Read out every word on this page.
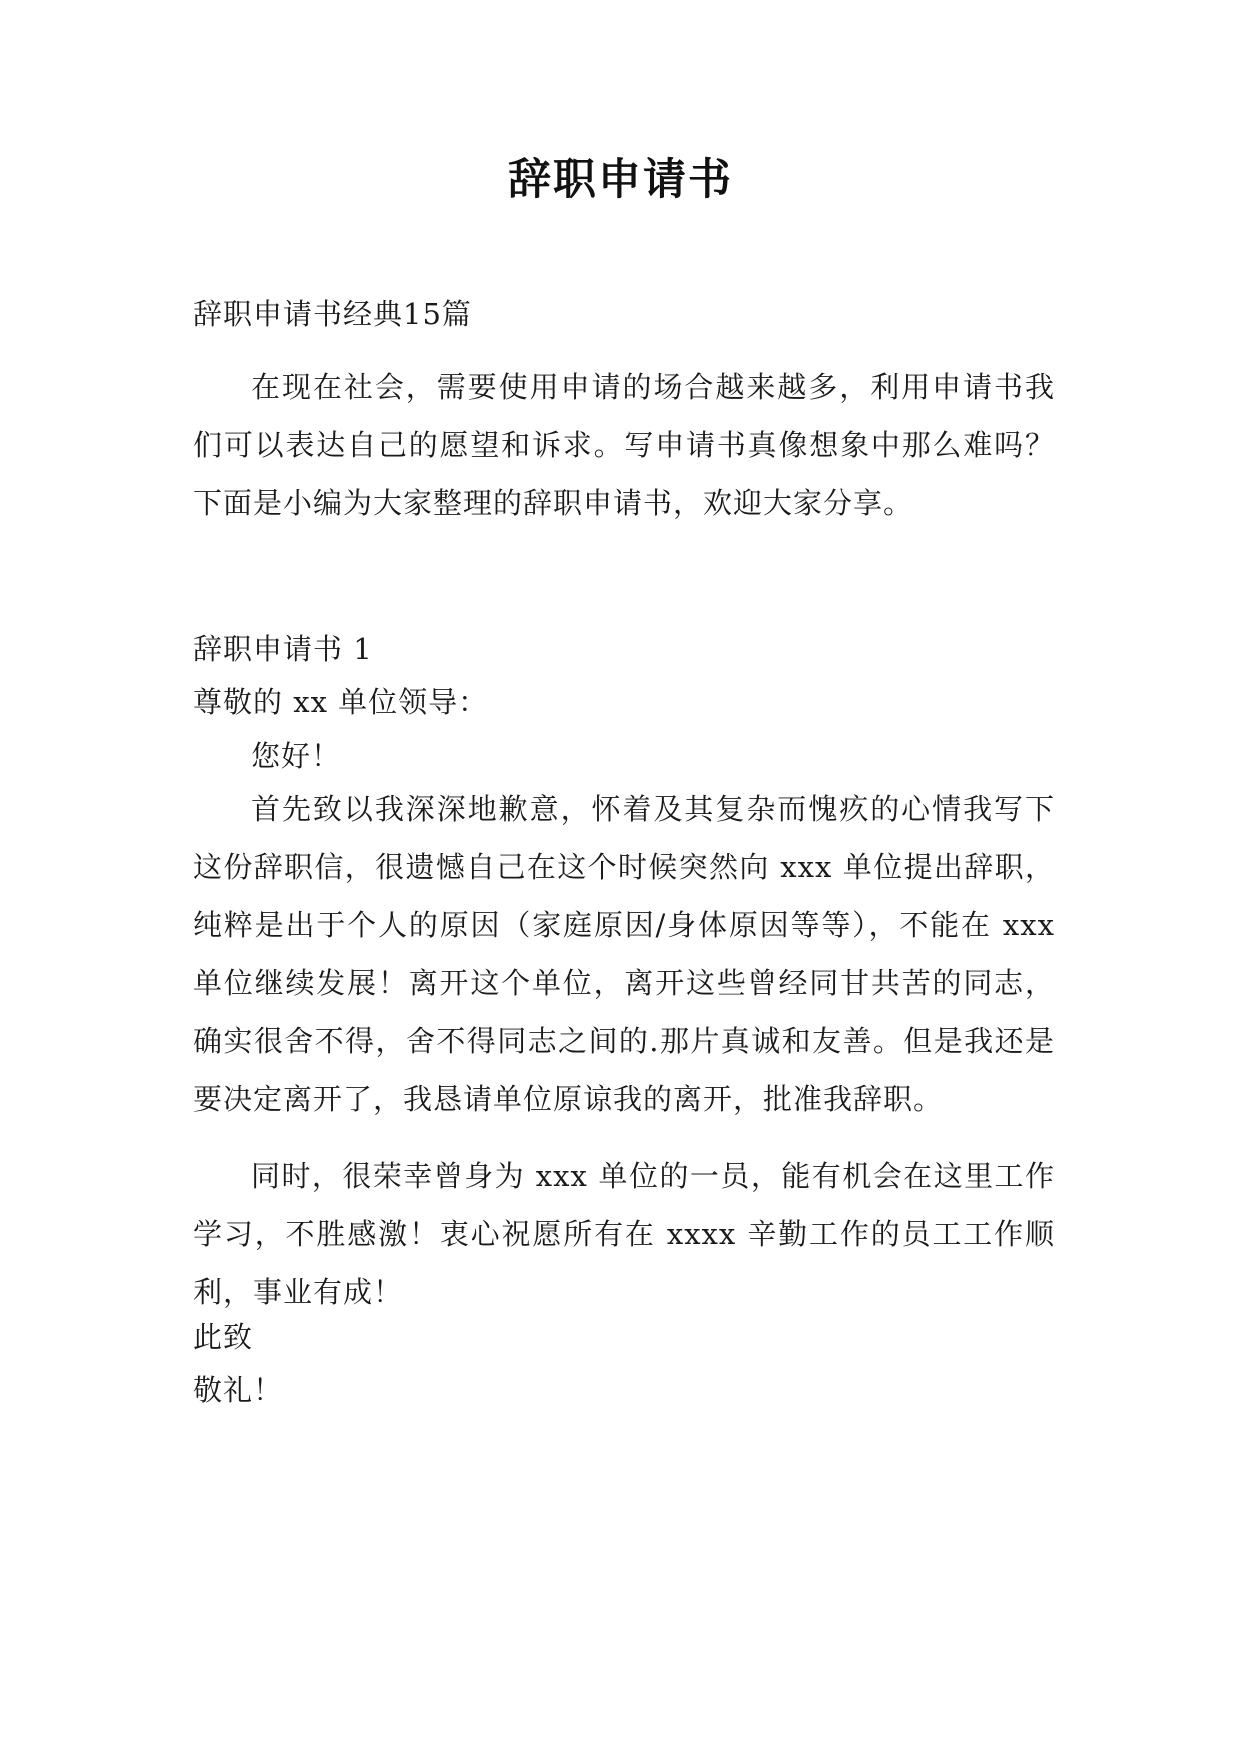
辞职申请书

辞职申请书经典15篇

在现在社会，需要使用申请的场合越来越多，利用申请书我们可以表达自己的愿望和诉求。写申请书真像想象中那么难吗？下面是小编为大家整理的辞职申请书，欢迎大家分享。

辞职申请书 1

尊敬的 xx 单位领导：

您好！

首先致以我深深地歉意，怀着及其复杂而愧疚的心情我写下这份辞职信，很遗憾自己在这个时候突然向 xxx 单位提出辞职，纯粹是出于个人的原因（家庭原因/身体原因等等），不能在 xxx 单位继续发展！离开这个单位，离开这些曾经同甘共苦的同志，确实很舍不得，舍不得同志之间的.那片真诚和友善。但是我还是要决定离开了，我恳请单位原谅我的离开，批准我辞职。

同时，很荣幸曾身为 xxx 单位的一员，能有机会在这里工作学习，不胜感激！衷心祝愿所有在 xxxx 辛勤工作的员工工作顺利，事业有成！

此致

敬礼！
